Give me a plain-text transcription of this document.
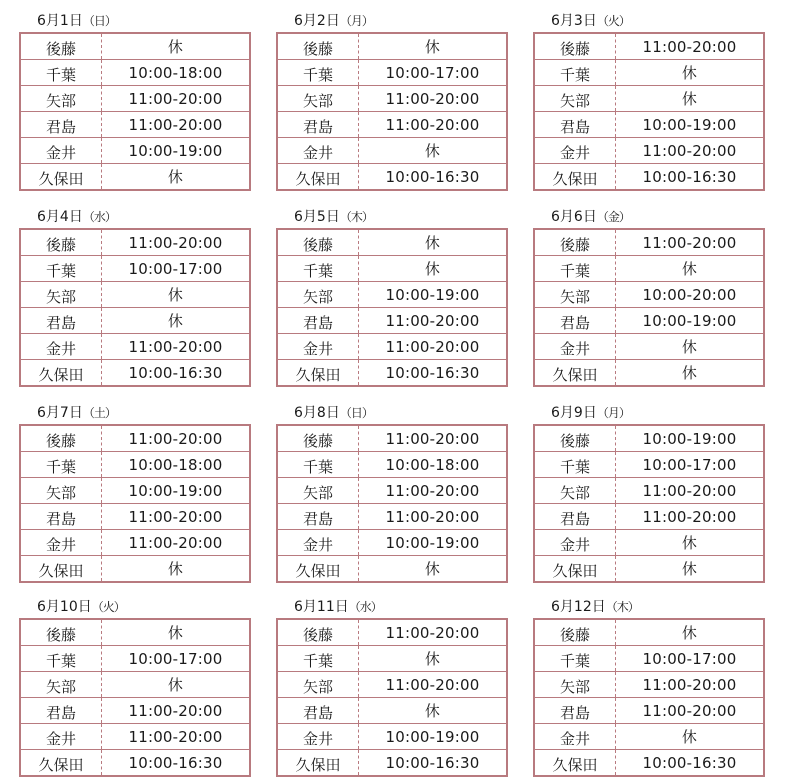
6月1日（日）
後藤	休
千葉	10:00-18:00
矢部	11:00-20:00
君島	11:00-20:00
金井	10:00-19:00
久保田	休
6月2日（月）
後藤	休
千葉	10:00-17:00
矢部	11:00-20:00
君島	11:00-20:00
金井	休
久保田	10:00-16:30
6月3日（火）
後藤	11:00-20:00
千葉	休
矢部	休
君島	10:00-19:00
金井	11:00-20:00
久保田	10:00-16:30
6月4日（水）
後藤	11:00-20:00
千葉	10:00-17:00
矢部	休
君島	休
金井	11:00-20:00
久保田	10:00-16:30
6月5日（木）
後藤	休
千葉	休
矢部	10:00-19:00
君島	11:00-20:00
金井	11:00-20:00
久保田	10:00-16:30
6月6日（金）
後藤	11:00-20:00
千葉	休
矢部	10:00-20:00
君島	10:00-19:00
金井	休
久保田	休
6月7日（土）
後藤	11:00-20:00
千葉	10:00-18:00
矢部	10:00-19:00
君島	11:00-20:00
金井	11:00-20:00
久保田	休
6月8日（日）
後藤	11:00-20:00
千葉	10:00-18:00
矢部	11:00-20:00
君島	11:00-20:00
金井	10:00-19:00
久保田	休
6月9日（月）
後藤	10:00-19:00
千葉	10:00-17:00
矢部	11:00-20:00
君島	11:00-20:00
金井	休
久保田	休
6月10日（火）
後藤	休
千葉	10:00-17:00
矢部	休
君島	11:00-20:00
金井	11:00-20:00
久保田	10:00-16:30
6月11日（水）
後藤	11:00-20:00
千葉	休
矢部	11:00-20:00
君島	休
金井	10:00-19:00
久保田	10:00-16:30
6月12日（木）
後藤	休
千葉	10:00-17:00
矢部	11:00-20:00
君島	11:00-20:00
金井	休
久保田	10:00-16:30
